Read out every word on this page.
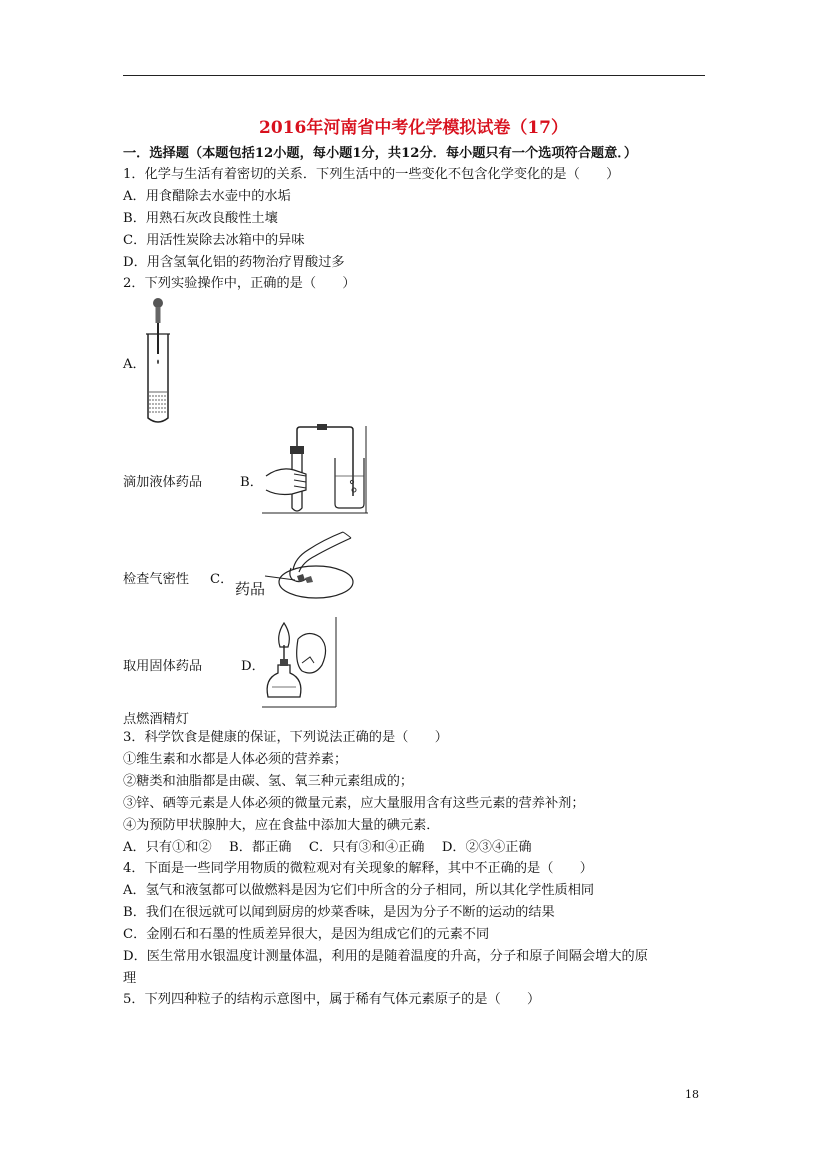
2016年河南省中考化学模拟试卷（17）
一．选择题（本题包括12小题，每小题1分，共12分．每小题只有一个选项符合题意．）
1．化学与生活有着密切的关系．下列生活中的一些变化不包含化学变化的是（　　）
A．用食醋除去水壶中的水垢
B．用熟石灰改良酸性土壤
C．用活性炭除去冰箱中的异味
D．用含氢氧化铝的药物治疗胃酸过多
2．下列实验操作中，正确的是（　　）
A．
滴加液体药品	B．
检查气密性 C．
药品
取用固体药品	D．
点燃酒精灯
3．科学饮食是健康的保证，下列说法正确的是（　　）
①维生素和水都是人体必须的营养素；
②糖类和油脂都是由碳、氢、氧三种元素组成的；
③锌、硒等元素是人体必须的微量元素，应大量服用含有这些元素的营养补剂；
④为预防甲状腺肿大，应在食盐中添加大量的碘元素．
A．只有①和②　 B．都正确　 C．只有③和④正确　 D．②③④正确
4．下面是一些同学用物质的微粒观对有关现象的解释，其中不正确的是（　　）
A．氢气和液氢都可以做燃料是因为它们中所含的分子相同，所以其化学性质相同
B．我们在很远就可以闻到厨房的炒菜香味，是因为分子不断的运动的结果
C．金刚石和石墨的性质差异很大，是因为组成它们的元素不同
D．医生常用水银温度计测量体温，利用的是随着温度的升高，分子和原子间隔会增大的原
理
5．下列四种粒子的结构示意图中，属于稀有气体元素原子的是（　　）
18
